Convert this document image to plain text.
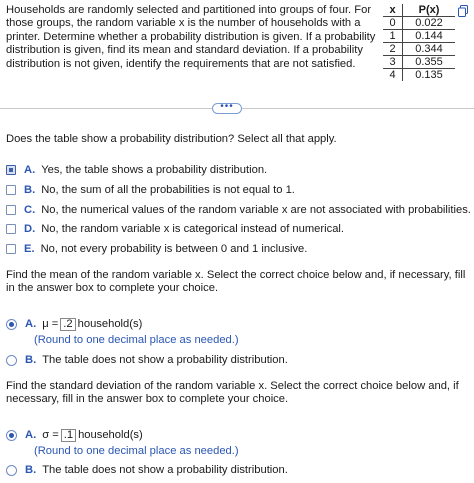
Households are randomly selected and partitioned into groups of four. For those groups, the random variable x is the number of households with a printer. Determine whether a probability distribution is given. If a probability distribution is given, find its mean and standard deviation. If a probability distribution is not given, identify the requirements that are not satisfied.
x	P(x)
0	0.022
1	0.144
2	0.344
3	0.355
4	0.135
•••
Does the table show a probability distribution? Select all that apply.
A. Yes, the table shows a probability distribution.
B. No, the sum of all the probabilities is not equal to 1.
C. No, the numerical values of the random variable x are not associated with probabilities.
D. No, the random variable x is categorical instead of numerical.
E. No, not every probability is between 0 and 1 inclusive.
Find the mean of the random variable x. Select the correct choice below and, if necessary, fill in the answer box to complete your choice.
A. μ = .2 household(s)
(Round to one decimal place as needed.)
B. The table does not show a probability distribution.
Find the standard deviation of the random variable x. Select the correct choice below and, if necessary, fill in the answer box to complete your choice.
A. σ = .1 household(s)
(Round to one decimal place as needed.)
B. The table does not show a probability distribution.
